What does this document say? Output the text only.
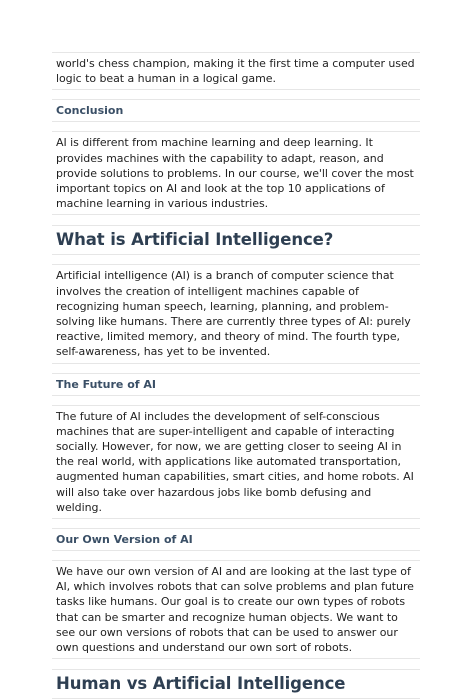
world's chess champion, making it the first time a computer used logic to beat a human in a logical game.

Conclusion

AI is different from machine learning and deep learning. It provides machines with the capability to adapt, reason, and provide solutions to problems. In our course, we'll cover the most important topics on AI and look at the top 10 applications of machine learning in various industries.

What is Artificial Intelligence?

Artificial intelligence (AI) is a branch of computer science that involves the creation of intelligent machines capable of recognizing human speech, learning, planning, and problem-solving like humans. There are currently three types of AI: purely reactive, limited memory, and theory of mind. The fourth type, self-awareness, has yet to be invented.

The Future of AI

The future of AI includes the development of self-conscious machines that are super-intelligent and capable of interacting socially. However, for now, we are getting closer to seeing AI in the real world, with applications like automated transportation, augmented human capabilities, smart cities, and home robots. AI will also take over hazardous jobs like bomb defusing and welding.

Our Own Version of AI

We have our own version of AI and are looking at the last type of AI, which involves robots that can solve problems and plan future tasks like humans. Our goal is to create our own types of robots that can be smarter and recognize human objects. We want to see our own versions of robots that can be used to answer our own questions and understand our own sort of robots.

Human vs Artificial Intelligence
